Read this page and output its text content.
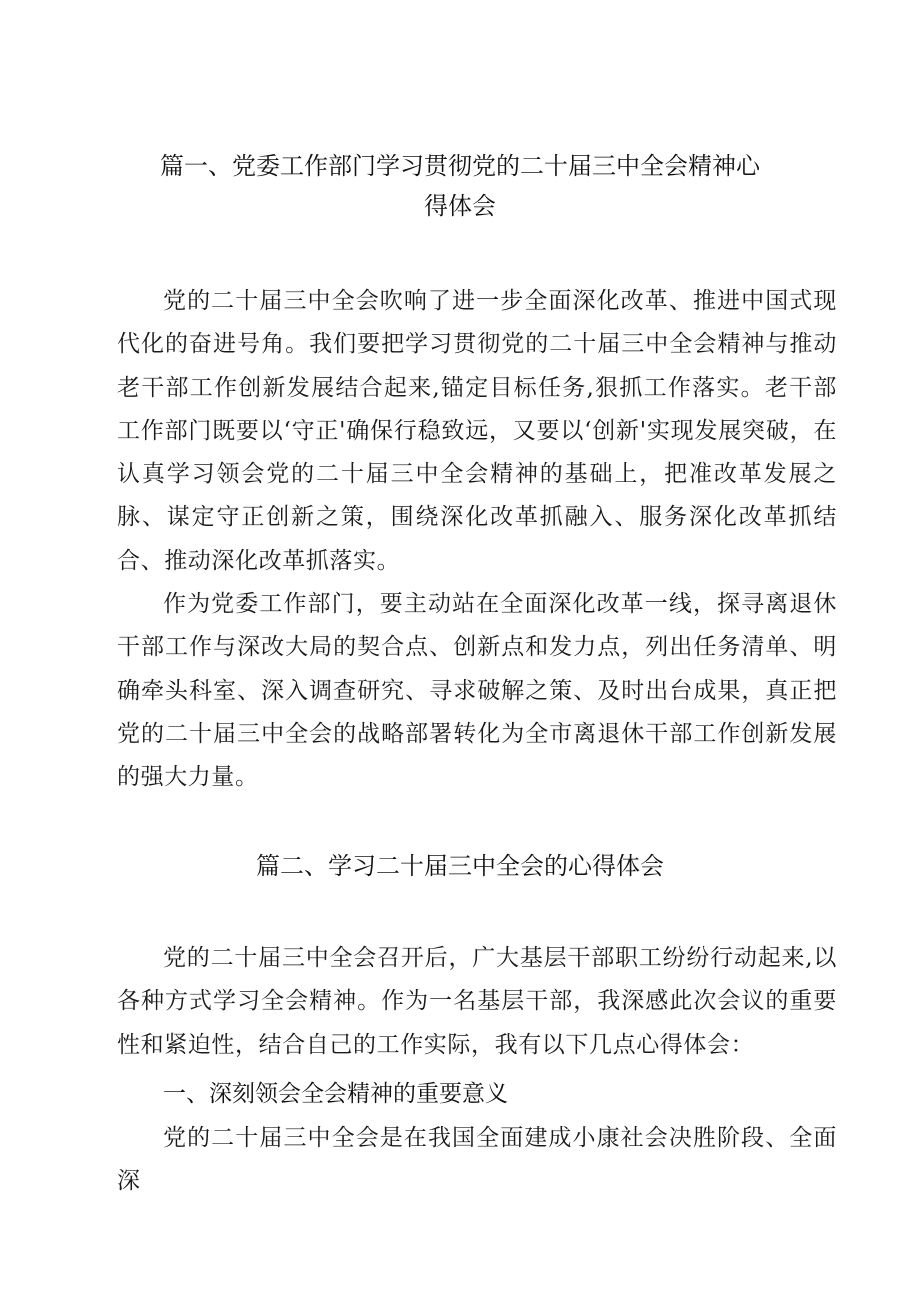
篇一、党委工作部门学习贯彻党的二十届三中全会精神心得体会

党的二十届三中全会吹响了进一步全面深化改革、推进中国式现代化的奋进号角。我们要把学习贯彻党的二十届三中全会精神与推动老干部工作创新发展结合起来,锚定目标任务,狠抓工作落实。老干部工作部门既要以‘守正'确保行稳致远，又要以‘创新'实现发展突破，在认真学习领会党的二十届三中全会精神的基础上，把准改革发展之脉、谋定守正创新之策，围绕深化改革抓融入、服务深化改革抓结合、推动深化改革抓落实。

作为党委工作部门，要主动站在全面深化改革一线，探寻离退休干部工作与深改大局的契合点、创新点和发力点，列出任务清单、明确牵头科室、深入调查研究、寻求破解之策、及时出台成果，真正把党的二十届三中全会的战略部署转化为全市离退休干部工作创新发展的强大力量。

篇二、学习二十届三中全会的心得体会

党的二十届三中全会召开后，广大基层干部职工纷纷行动起来,以各种方式学习全会精神。作为一名基层干部，我深感此次会议的重要性和紧迫性，结合自己的工作实际，我有以下几点心得体会：

一、深刻领会全会精神的重要意义

党的二十届三中全会是在我国全面建成小康社会决胜阶段、全面深
